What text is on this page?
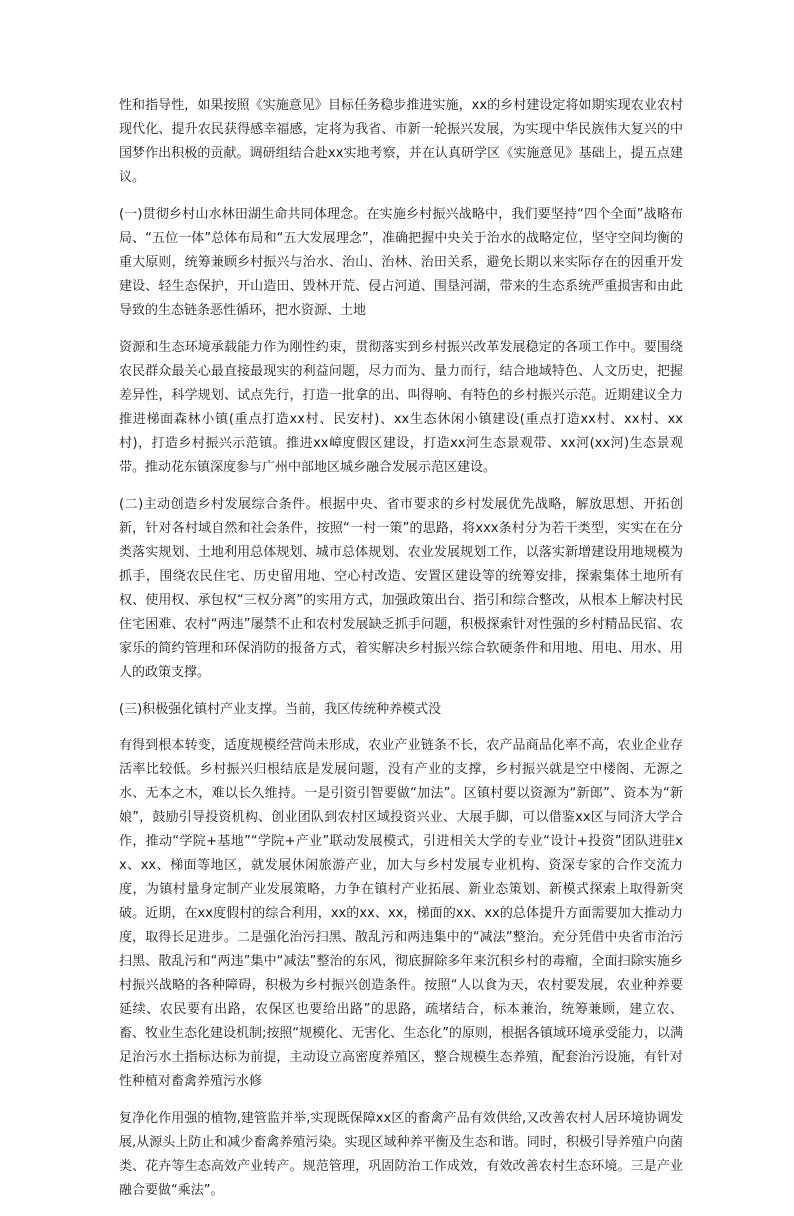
性和指导性，如果按照《实施意见》目标任务稳步推进实施，xx的乡村建设定将如期实现农业农村现代化、提升农民获得感幸福感，定将为我省、市新一轮振兴发展，为实现中华民族伟大复兴的中国梦作出积极的贡献。调研组结合赴xx实地考察，并在认真研学区《实施意见》基础上，提五点建议。

(一)贯彻乡村山水林田湖生命共同体理念。在实施乡村振兴战略中，我们要坚持“四个全面”战略布局、“五位一体”总体布局和“五大发展理念”，准确把握中央关于治水的战略定位，坚守空间均衡的重大原则，统筹兼顾乡村振兴与治水、治山、治林、治田关系，避免长期以来实际存在的因重开发建设、轻生态保护，开山造田、毁林开荒、侵占河道、围垦河湖，带来的生态系统严重损害和由此导致的生态链条恶性循环，把水资源、土地

资源和生态环境承载能力作为刚性约束，贯彻落实到乡村振兴改革发展稳定的各项工作中。要围绕农民群众最关心最直接最现实的利益问题，尽力而为、量力而行，结合地域特色、人文历史，把握差异性，科学规划、试点先行，打造一批拿的出、叫得响、有特色的乡村振兴示范。近期建议全力推进梯面森林小镇(重点打造xx村、民安村)、xx生态休闲小镇建设(重点打造xx村、xx村、xx村)，打造乡村振兴示范镇。推进xx嶂度假区建设，打造xx河生态景观带、xx河(xx河)生态景观带。推动花东镇深度参与广州中部地区城乡融合发展示范区建设。

(二)主动创造乡村发展综合条件。根据中央、省市要求的乡村发展优先战略，解放思想、开拓创新，针对各村域自然和社会条件，按照“一村一策”的思路，将xxx条村分为若干类型，实实在在分类落实规划、土地利用总体规划、城市总体规划、农业发展规划工作，以落实新增建设用地规模为抓手，围绕农民住宅、历史留用地、空心村改造、安置区建设等的统筹安排，探索集体土地所有权、使用权、承包权“三权分离”的实用方式，加强政策出台、指引和综合整改，从根本上解决村民住宅困难、农村“两违”屡禁不止和农村发展缺乏抓手问题，积极探索针对性强的乡村精品民宿、农家乐的简约管理和环保消防的报备方式，着实解决乡村振兴综合软硬条件和用地、用电、用水、用人的政策支撑。

(三)积极强化镇村产业支撑。当前，我区传统种养模式没

有得到根本转变，适度规模经营尚未形成，农业产业链条不长，农产品商品化率不高，农业企业存活率比较低。乡村振兴归根结底是发展问题，没有产业的支撑，乡村振兴就是空中楼阁、无源之水、无本之木，难以长久维持。一是引资引智要做“加法”。区镇村要以资源为“新郎”、资本为“新娘”，鼓励引导投资机构、创业团队到农村区域投资兴业、大展手脚，可以借鉴xx区与同济大学合作，推动“学院+基地”“学院+产业”联动发展模式，引进相关大学的专业“设计+投资”团队进驻xx、xx、梯面等地区，就发展休闲旅游产业，加大与乡村发展专业机构、资深专家的合作交流力度，为镇村量身定制产业发展策略，力争在镇村产业拓展、新业态策划、新模式探索上取得新突破。近期，在xx度假村的综合利用，xx的xx、xx，梯面的xx、xx的总体提升方面需要加大推动力度，取得长足进步。二是强化治污扫黑、散乱污和两违集中的“减法”整治。充分凭借中央省市治污扫黑、散乱污和“两违”集中“减法”整治的东风，彻底摒除多年来沉积乡村的毒瘤，全面扫除实施乡村振兴战略的各种障碍，积极为乡村振兴创造条件。按照“人以食为天，农村要发展，农业种养要延续、农民要有出路，农保区也要给出路”的思路，疏堵结合，标本兼治，统筹兼顾，建立农、畜、牧业生态化建设机制;按照“规模化、无害化、生态化”的原则，根据各镇域环境承受能力，以满足治污水土指标达标为前提，主动设立高密度养殖区，整合规模生态养殖，配套治污设施，有针对性种植对畜禽养殖污水修

复净化作用强的植物,建管监并举,实现既保障xx区的畜禽产品有效供给,又改善农村人居环境协调发展,从源头上防止和减少畜禽养殖污染。实现区域种养平衡及生态和谐。同时，积极引导养殖户向菌类、花卉等生态高效产业转产。规范管理，巩固防治工作成效，有效改善农村生态环境。三是产业融合要做“乘法”。
